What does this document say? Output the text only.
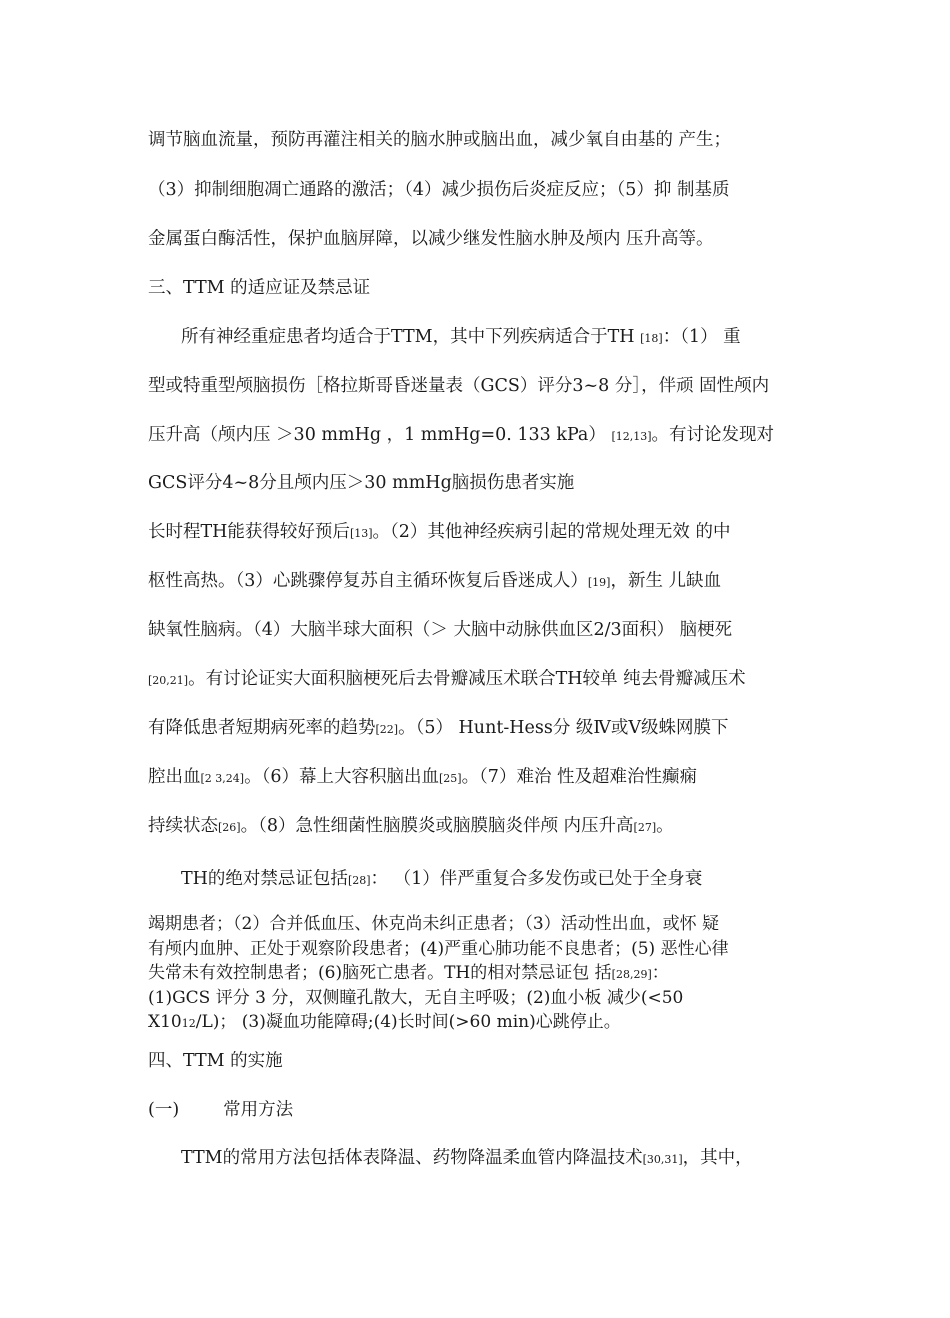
调节脑血流量，预防再灌注相关的脑水肿或脑出血，减少氧自由基的 产生；

（3）抑制细胞凋亡通路的激活；（4）减少损伤后炎症反应；（5）抑 制基质

金属蛋白酶活性，保护血脑屏障，以减少继发性脑水肿及颅内 压升高等。

三、TTM 的适应证及禁忌证

所有神经重症患者均适合于TTM，其中下列疾病适合于TH [18]：（1） 重

型或特重型颅脑损伤［格拉斯哥昏迷量表（GCS）评分3~8 分］，伴顽 固性颅内

压升高（颅内压 ＞30 mmHg ，1 mmHg=0. 133 kPa） [12,13]。有讨论发现对

GCS评分4~8分且颅内压＞30 mmHg脑损伤患者实施

长时程TH能获得较好预后[13]。（2）其他神经疾病引起的常规处理无效 的中

枢性高热。（3）心跳骤停复苏自主循环恢复后昏迷成人）[19]，新生 儿缺血

缺氧性脑病。（4）大脑半球大面积（＞ 大脑中动脉供血区2/3面积） 脑梗死

[20,21]。有讨论证实大面积脑梗死后去骨瓣减压术联合TH较单 纯去骨瓣减压术

有降低患者短期病死率的趋势[22]。（5） Hunt-Hess分 级Ⅳ或Ⅴ级蛛网膜下

腔出血[2 3,24]。（6）幕上大容积脑出血[25]。（7）难治 性及超难治性癫痫

持续状态[26]。（8）急性细菌性脑膜炎或脑膜脑炎伴颅 内压升高[27]。

TH的绝对禁忌证包括[28]： （1）伴严重复合多发伤或已处于全身衰

竭期患者；（2）合并低血压、休克尚未纠正患者；（3）活动性出血，或怀 疑

有颅内血肿、正处于观察阶段患者；(4)严重心肺功能不良患者；(5) 恶性心律

失常未有效控制患者；(6)脑死亡患者。TH的相对禁忌证包 括[28,29]：

(1)GCS 评分 3 分，双侧瞳孔散大，无自主呼吸；(2)血小板 减少(<50

X1012/L)； (3)凝血功能障碍;(4)长时间(>60 min)心跳停止。

四、TTM 的实施

(一)	常用方法

TTM的常用方法包括体表降温、药物降温柔血管内降温技术[30,31]，其中，
